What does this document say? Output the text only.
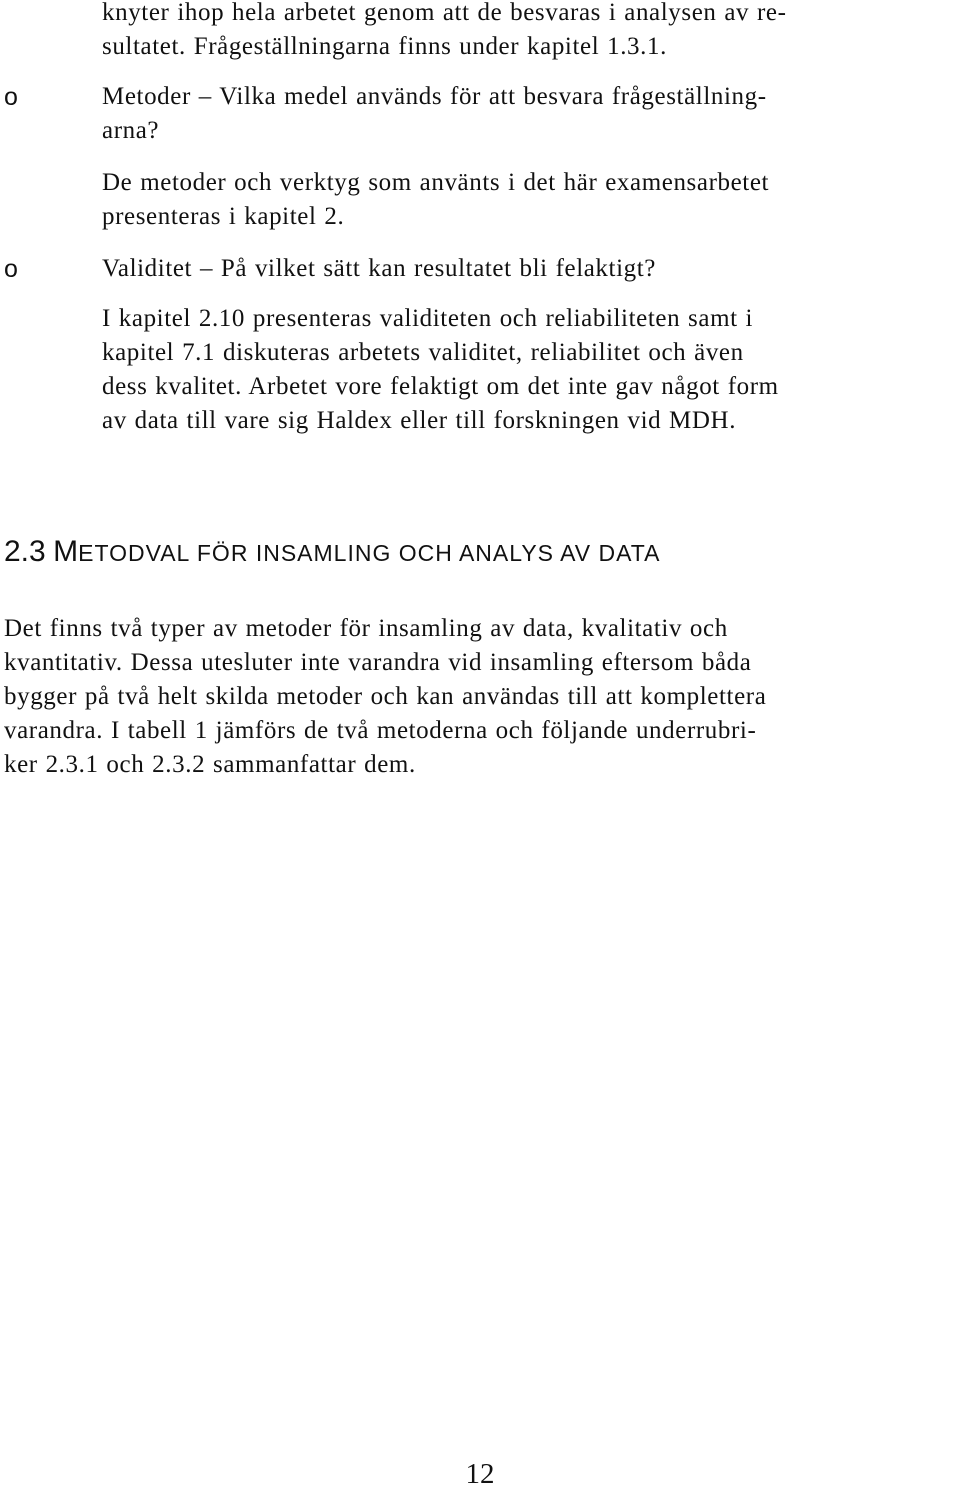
knyter ihop hela arbetet genom att de besvaras i analysen av re-

sultatet. Frågeställningarna finns under kapitel 1.3.1.

o	Metoder – Vilka medel används för att besvara frågeställning-

arna?

De metoder och verktyg som använts i det här examensarbetet

presenteras i kapitel 2.

o	Validitet – På vilket sätt kan resultatet bli felaktigt?

I kapitel 2.10 presenteras validiteten och reliabiliteten samt i

kapitel 7.1 diskuteras arbetets validitet, reliabilitet och även

dess kvalitet. Arbetet vore felaktigt om det inte gav något form

av data till vare sig Haldex eller till forskningen vid MDH.

2.3 METODVAL FÖR INSAMLING OCH ANALYS AV DATA

Det finns två typer av metoder för insamling av data, kvalitativ och

kvantitativ. Dessa utesluter inte varandra vid insamling eftersom båda

bygger på två helt skilda metoder och kan användas till att komplettera

varandra. I tabell 1 jämförs de två metoderna och följande underrubri-

ker 2.3.1 och 2.3.2 sammanfattar dem.

12
